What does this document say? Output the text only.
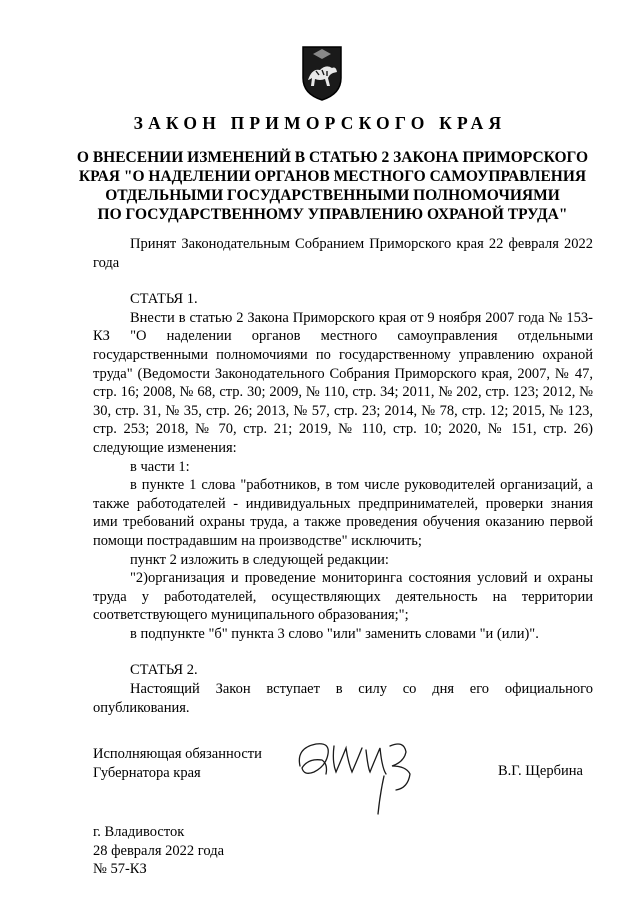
ЗАКОН ПРИМОРСКОГО КРАЯ
О ВНЕСЕНИИ ИЗМЕНЕНИЙ В СТАТЬЮ 2 ЗАКОНА ПРИМОРСКОГО
КРАЯ "О НАДЕЛЕНИИ ОРГАНОВ МЕСТНОГО САМОУПРАВЛЕНИЯ
ОТДЕЛЬНЫМИ ГОСУДАРСТВЕННЫМИ ПОЛНОМОЧИЯМИ
ПО ГОСУДАРСТВЕННОМУ УПРАВЛЕНИЮ ОХРАНОЙ ТРУДА"

Принят Законодательным Собранием Приморского края 22 февраля 2022 года

СТАТЬЯ 1.

Внести в статью 2 Закона Приморского края от 9 ноября 2007 года № 153-КЗ "О наделении органов местного самоуправления отдельными государственными полномочиями по государственному управлению охраной труда" (Ведомости Законодательного Собрания Приморского края, 2007, № 47, стр. 16; 2008, № 68, стр. 30; 2009, № 110, стр. 34; 2011, № 202, стр. 123; 2012, № 30, стр. 31, № 35, стр. 26; 2013, № 57, стр. 23; 2014, № 78, стр. 12; 2015, № 123, стр. 253; 2018, № 70, стр. 21; 2019, № 110, стр. 10; 2020, № 151, стр. 26) следующие изменения:

в части 1:

в пункте 1 слова "работников, в том числе руководителей организаций, а также работодателей - индивидуальных предпринимателей, проверки знания ими требований охраны труда, а также проведения обучения оказанию первой помощи пострадавшим на производстве" исключить;

пункт 2 изложить в следующей редакции:

"2)организация и проведение мониторинга состояния условий и охраны труда у работодателей, осуществляющих деятельность на территории соответствующего муниципального образования;";

в подпункте "б" пункта 3 слово "или" заменить словами "и (или)".

СТАТЬЯ 2.

Настоящий Закон вступает в силу со дня его официального опубликования.

Исполняющая обязанности
Губернатора края	В.Г. Щербина
г. Владивосток
28 февраля 2022 года
№ 57-КЗ
